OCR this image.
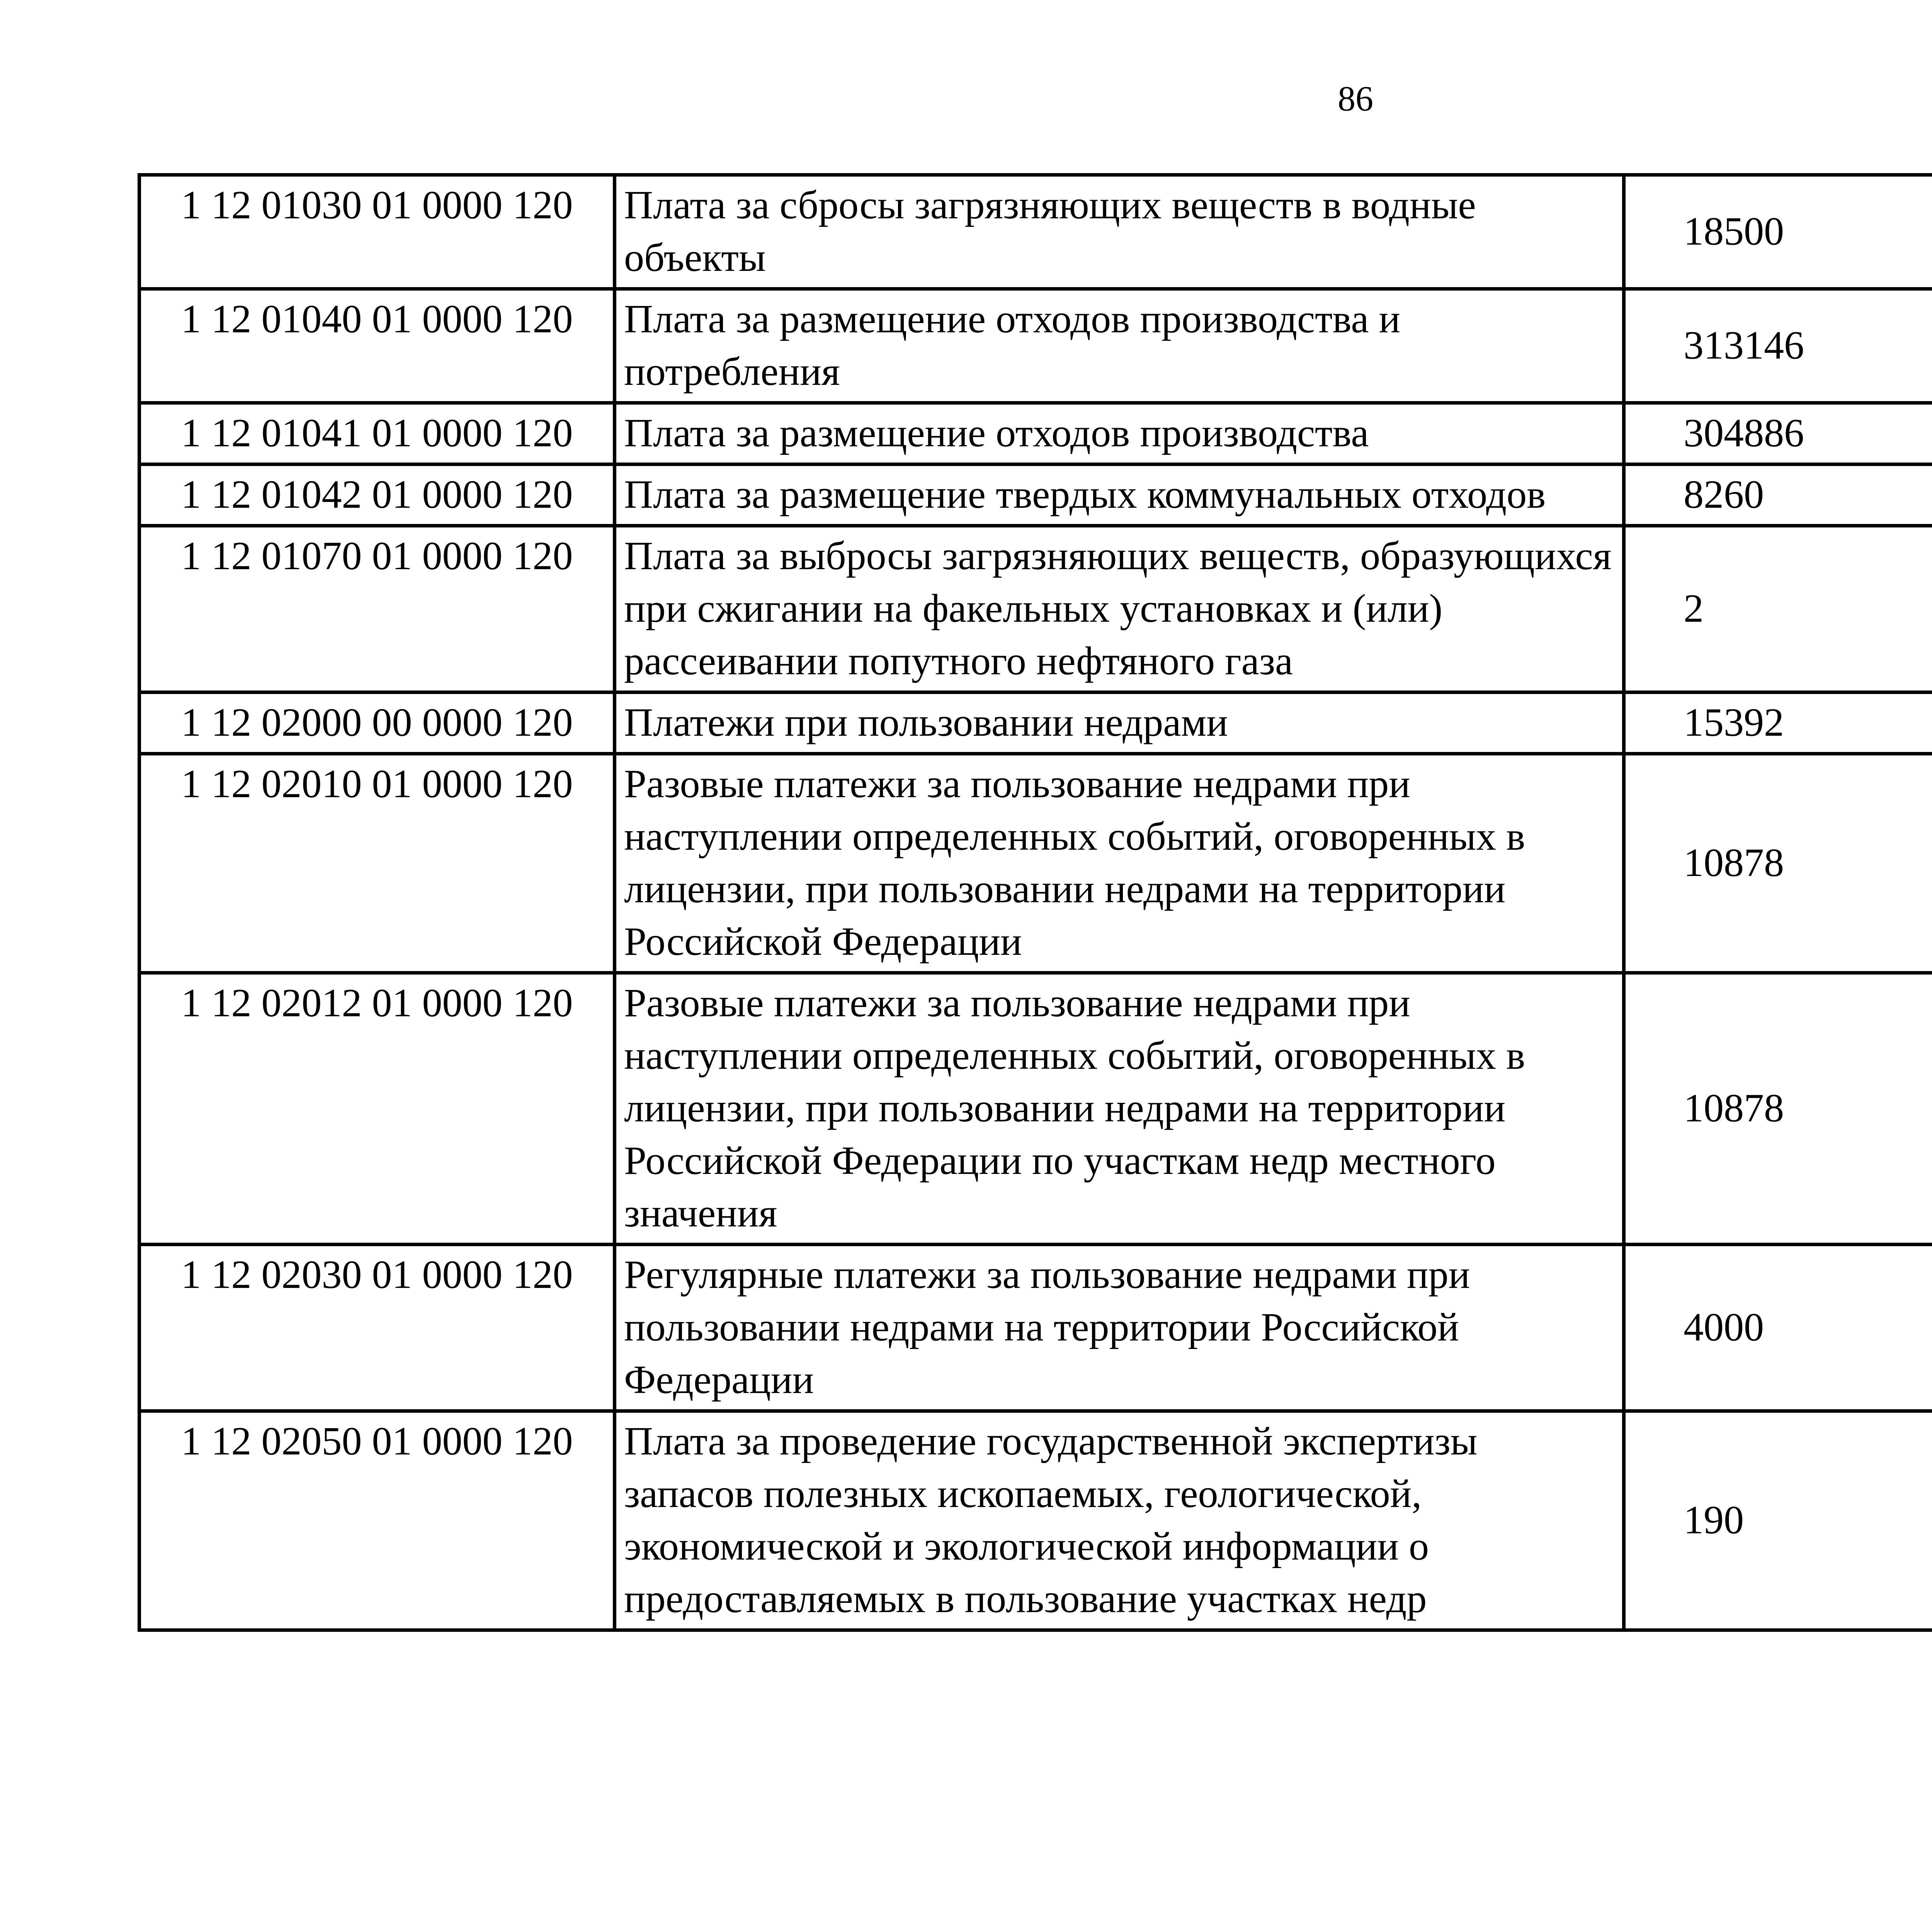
86
1 12 01030 01 0000 120	Плата за сбросы загрязняющих веществ в водные объекты	18500		
1 12 01040 01 0000 120	Плата за размещение отходов производства и потребления	313146		
1 12 01041 01 0000 120	Плата за размещение отходов производства	304886		
1 12 01042 01 0000 120	Плата за размещение твердых коммунальных отходов	8260		
1 12 01070 01 0000 120	Плата за выбросы загрязняющих веществ, образующихся при сжигании на факельных установках и (или) рассеивании попутного нефтяного газа	2		
1 12 02000 00 0000 120	Платежи при пользовании недрами	15392		
1 12 02010 01 0000 120	Разовые платежи за пользование недрами при наступлении определенных событий, оговоренных в лицензии, при пользовании недрами на территории Российской Федерации	10878		
1 12 02012 01 0000 120	Разовые платежи за пользование недрами при наступлении определенных событий, оговоренных в лицензии, при пользовании недрами на территории Российской Федерации по участкам недр местного значения	10878		
1 12 02030 01 0000 120	Регулярные платежи за пользование недрами при пользовании недрами на территории Российской Федерации	4000		
1 12 02050 01 0000 120	Плата за проведение государственной экспертизы запасов полезных ископаемых, геологической, экономической и экологической информации о предоставляемых в пользование участках недр	190		
